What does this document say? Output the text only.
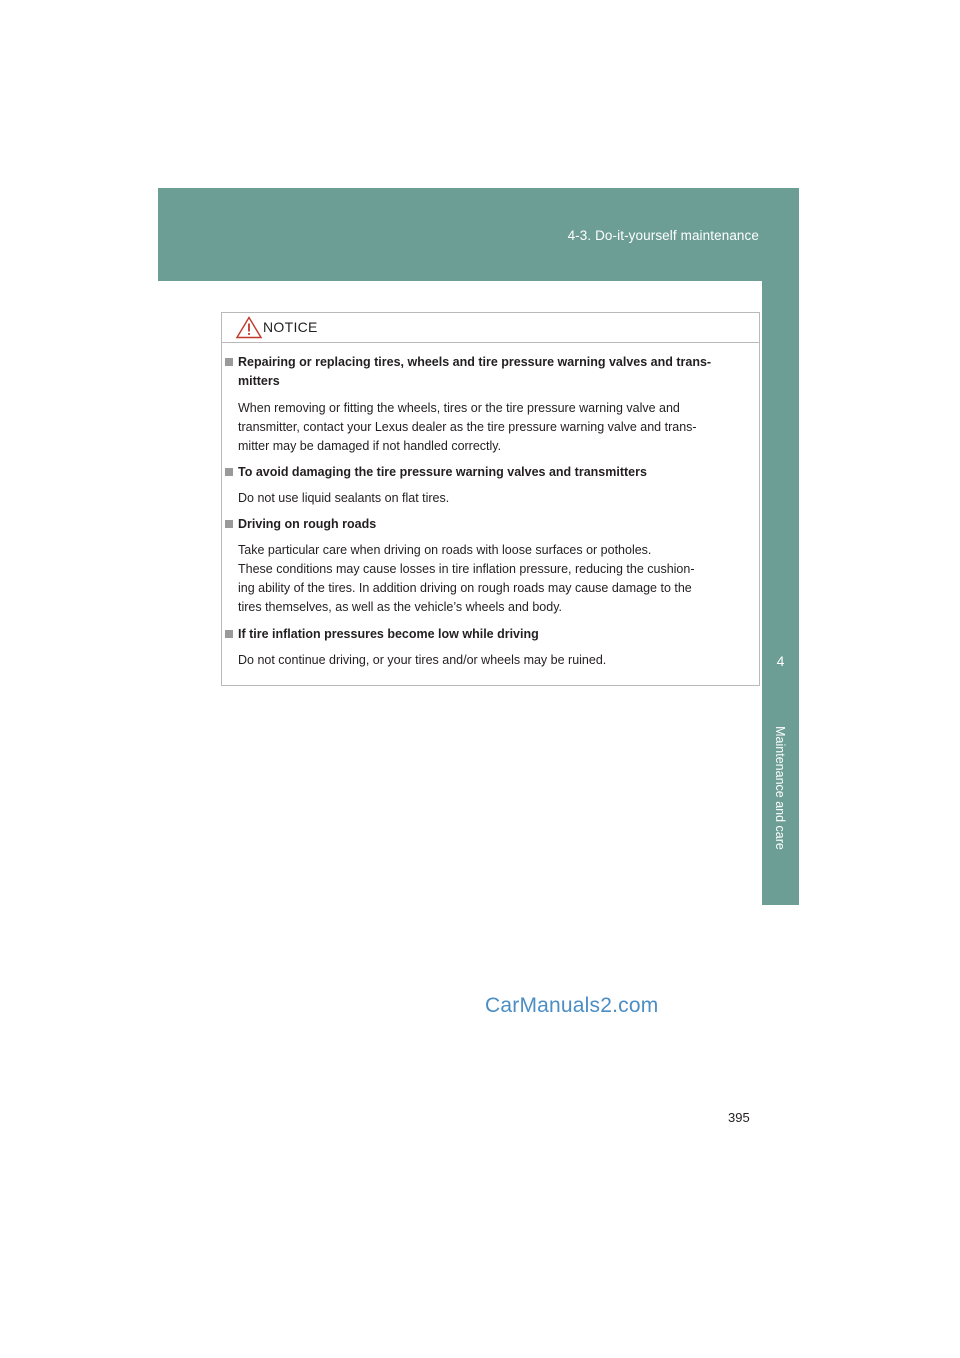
4-3. Do-it-yourself maintenance
4
Maintenance and care
NOTICE
Repairing or replacing tires, wheels and tire pressure warning valves and trans-
mitters
When removing or fitting the wheels, tires or the tire pressure warning valve and
transmitter, contact your Lexus dealer as the tire pressure warning valve and trans-
mitter may be damaged if not handled correctly.
To avoid damaging the tire pressure warning valves and transmitters
Do not use liquid sealants on flat tires.
Driving on rough roads
Take particular care when driving on roads with loose surfaces or potholes.
These conditions may cause losses in tire inflation pressure, reducing the cushion-
ing ability of the tires. In addition driving on rough roads may cause damage to the
tires themselves, as well as the vehicle’s wheels and body.
If tire inflation pressures become low while driving
Do not continue driving, or your tires and/or wheels may be ruined.
CarManuals2.com
395
